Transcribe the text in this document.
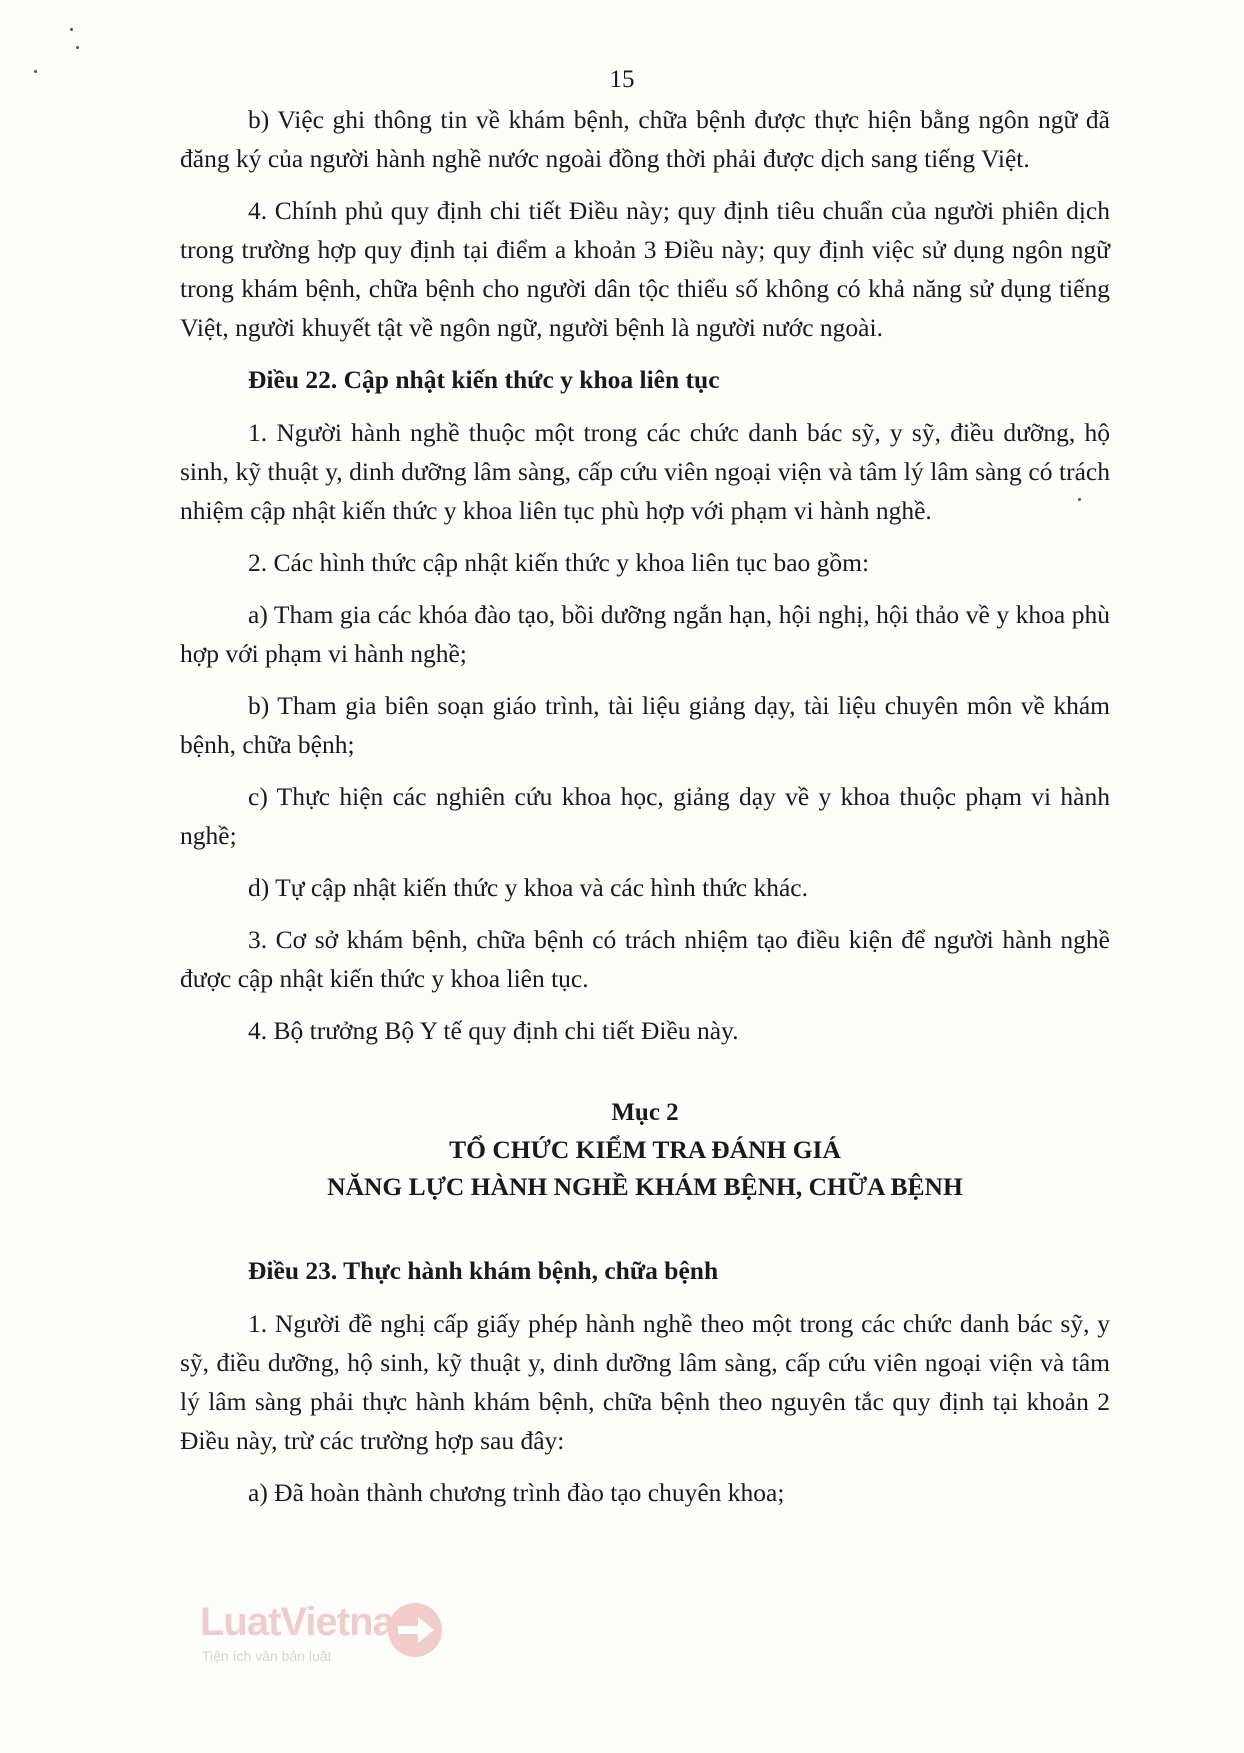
15

b) Việc ghi thông tin về khám bệnh, chữa bệnh được thực hiện bằng ngôn ngữ đã đăng ký của người hành nghề nước ngoài đồng thời phải được dịch sang tiếng Việt.

4. Chính phủ quy định chi tiết Điều này; quy định tiêu chuẩn của người phiên dịch trong trường hợp quy định tại điểm a khoản 3 Điều này; quy định việc sử dụng ngôn ngữ trong khám bệnh, chữa bệnh cho người dân tộc thiểu số không có khả năng sử dụng tiếng Việt, người khuyết tật về ngôn ngữ, người bệnh là người nước ngoài.

Điều 22. Cập nhật kiến thức y khoa liên tục

1. Người hành nghề thuộc một trong các chức danh bác sỹ, y sỹ, điều dưỡng, hộ sinh, kỹ thuật y, dinh dưỡng lâm sàng, cấp cứu viên ngoại viện và tâm lý lâm sàng có trách nhiệm cập nhật kiến thức y khoa liên tục phù hợp với phạm vi hành nghề.

2. Các hình thức cập nhật kiến thức y khoa liên tục bao gồm:

a) Tham gia các khóa đào tạo, bồi dưỡng ngắn hạn, hội nghị, hội thảo về y khoa phù hợp với phạm vi hành nghề;

b) Tham gia biên soạn giáo trình, tài liệu giảng dạy, tài liệu chuyên môn về khám bệnh, chữa bệnh;

c) Thực hiện các nghiên cứu khoa học, giảng dạy về y khoa thuộc phạm vi hành nghề;

d) Tự cập nhật kiến thức y khoa và các hình thức khác.

3. Cơ sở khám bệnh, chữa bệnh có trách nhiệm tạo điều kiện để người hành nghề được cập nhật kiến thức y khoa liên tục.

4. Bộ trưởng Bộ Y tế quy định chi tiết Điều này.

Mục 2
TỔ CHỨC KIỂM TRA ĐÁNH GIÁ
NĂNG LỰC HÀNH NGHỀ KHÁM BỆNH, CHỮA BỆNH

Điều 23. Thực hành khám bệnh, chữa bệnh

1. Người đề nghị cấp giấy phép hành nghề theo một trong các chức danh bác sỹ, y sỹ, điều dưỡng, hộ sinh, kỹ thuật y, dinh dưỡng lâm sàng, cấp cứu viên ngoại viện và tâm lý lâm sàng phải thực hành khám bệnh, chữa bệnh theo nguyên tắc quy định tại khoản 2 Điều này, trừ các trường hợp sau đây:

a) Đã hoàn thành chương trình đào tạo chuyên khoa;

LuatVietnam
Tiện ích văn bản luật
